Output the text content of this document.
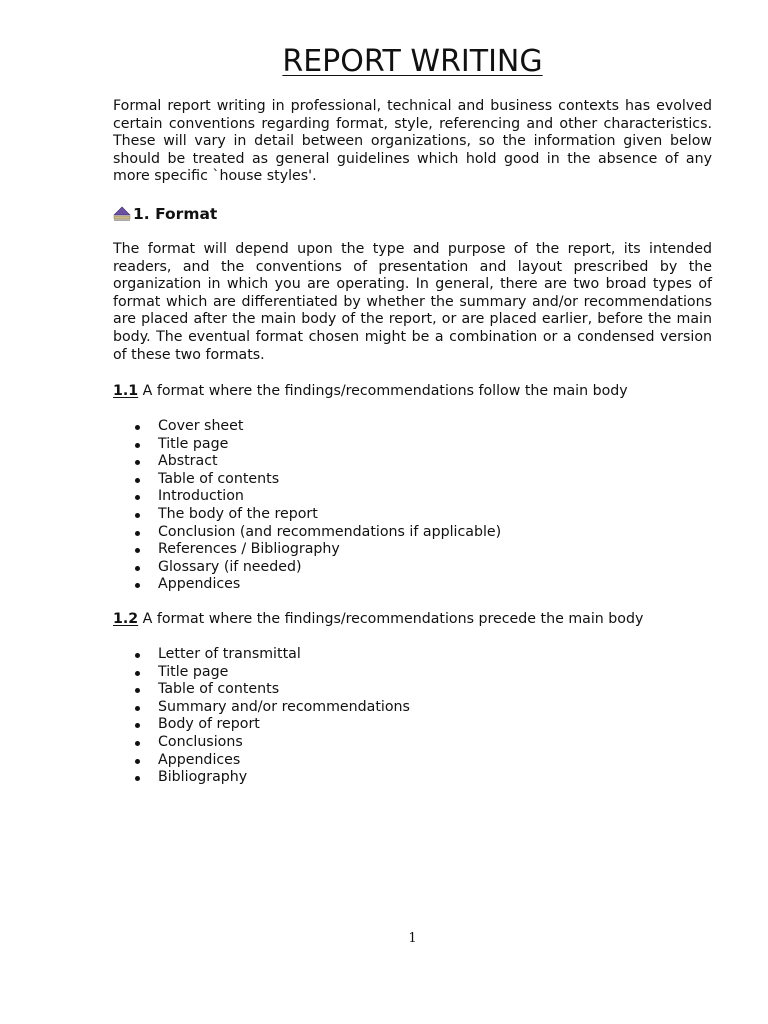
REPORT WRITING

Formal report writing in professional, technical and business contexts has evolved certain conventions regarding format, style, referencing and other characteristics. These will vary in detail between organizations, so the information given below should be treated as general guidelines which hold good in the absence of any more specific `house styles'.

1. Format

The format will depend upon the type and purpose of the report, its intended readers, and the conventions of presentation and layout prescribed by the organization in which you are operating. In general, there are two broad types of format which are differentiated by whether the summary and/or recommendations are placed after the main body of the report, or are placed earlier, before the main body. The eventual format chosen might be a combination or a condensed version of these two formats.

1.1 A format where the findings/recommendations follow the main body

Cover sheet
Title page
Abstract
Table of contents
Introduction
The body of the report
Conclusion (and recommendations if applicable)
References / Bibliography
Glossary (if needed)
Appendices

1.2 A format where the findings/recommendations precede the main body

Letter of transmittal
Title page
Table of contents
Summary and/or recommendations
Body of report
Conclusions
Appendices
Bibliography
1
